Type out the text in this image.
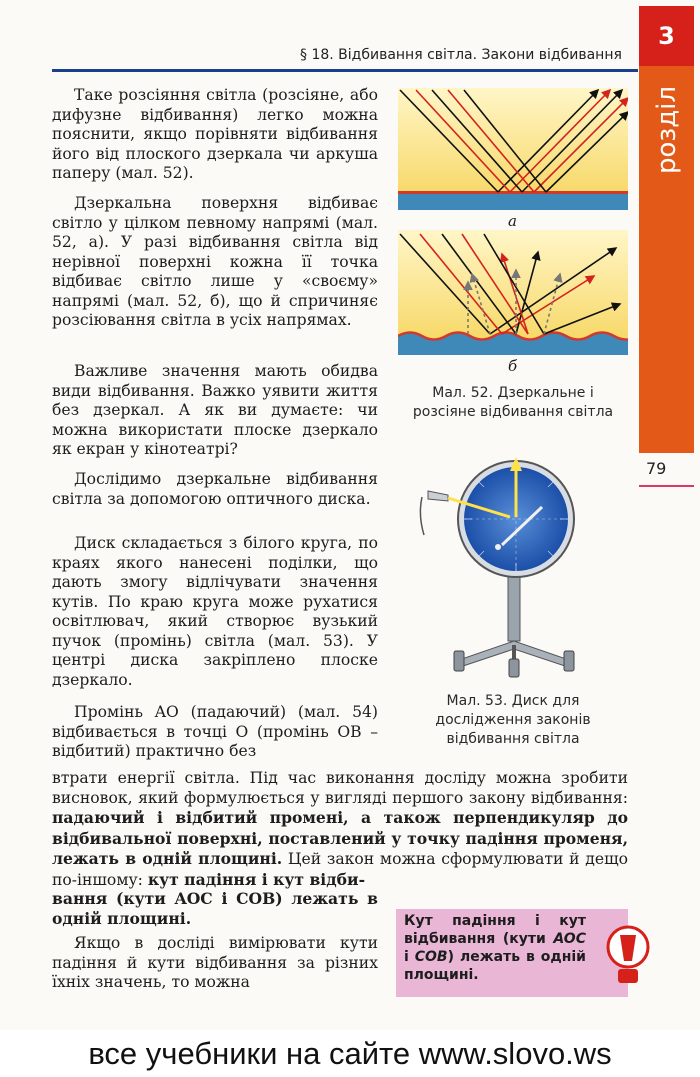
§ 18. Відбивання світла. Закони відбивання
3
розділ
79

Таке розсіяння світла (розсіяне, або дифузне відбивання) легко можна пояснити, якщо порівняти відбивання його від плоского дзеркала чи аркуша паперу (мал. 52).

Дзеркальна поверхня відбиває світло у цілком певному напрямі (мал. 52, а). У разі відбивання світла від нерівної поверхні кожна її точка відбиває світло лише у «своєму» напрямі (мал. 52, б), що й спричиняє розсіювання світла в усіх напрямах.

Важливе значення мають обидва види відбивання. Важко уявити життя без дзеркал. А як ви думаєте: чи можна використати плоске дзеркало як екран у кінотеатрі?

Дослідимо дзеркальне відбивання світла за допомогою оптичного диска.

Диск складається з білого круга, по краях якого нанесені поділки, що дають змогу відлічувати значення кутів. По краю круга може рухатися освітлювач, який створює вузький пучок (промінь) світла (мал. 53). У центрі диска закріплено плоске дзеркало.

Промінь AO (падаючий) (мал. 54) відбивається в точці O (промінь OB – відбитий) практично без

втрати енергії світла. Під час виконання досліду можна зробити висновок, який формулюється у вигляді першого закону відбивання: падаючий і відбитий промені, а також перпендикуляр до відбивальної поверхні, поставлений у точку падіння променя, лежать в одній площині. Цей закон можна сформулювати й дещо по-іншому: кут падіння і кут відби-
вання (кути AOC і COB) лежать в одній площині.

Якщо в досліді вимірювати кути падіння й кути відбивання за різних їхніх значень, то можна

а
б
Мал. 52. Дзеркальне і
розсіяне відбивання світла
Мал. 53. Диск для
дослідження законів
відбивання світла
Кут падіння і кут відбивання (кути AOC і COB) лежать в одній площині.
все учебники на сайте www.slovo.ws
